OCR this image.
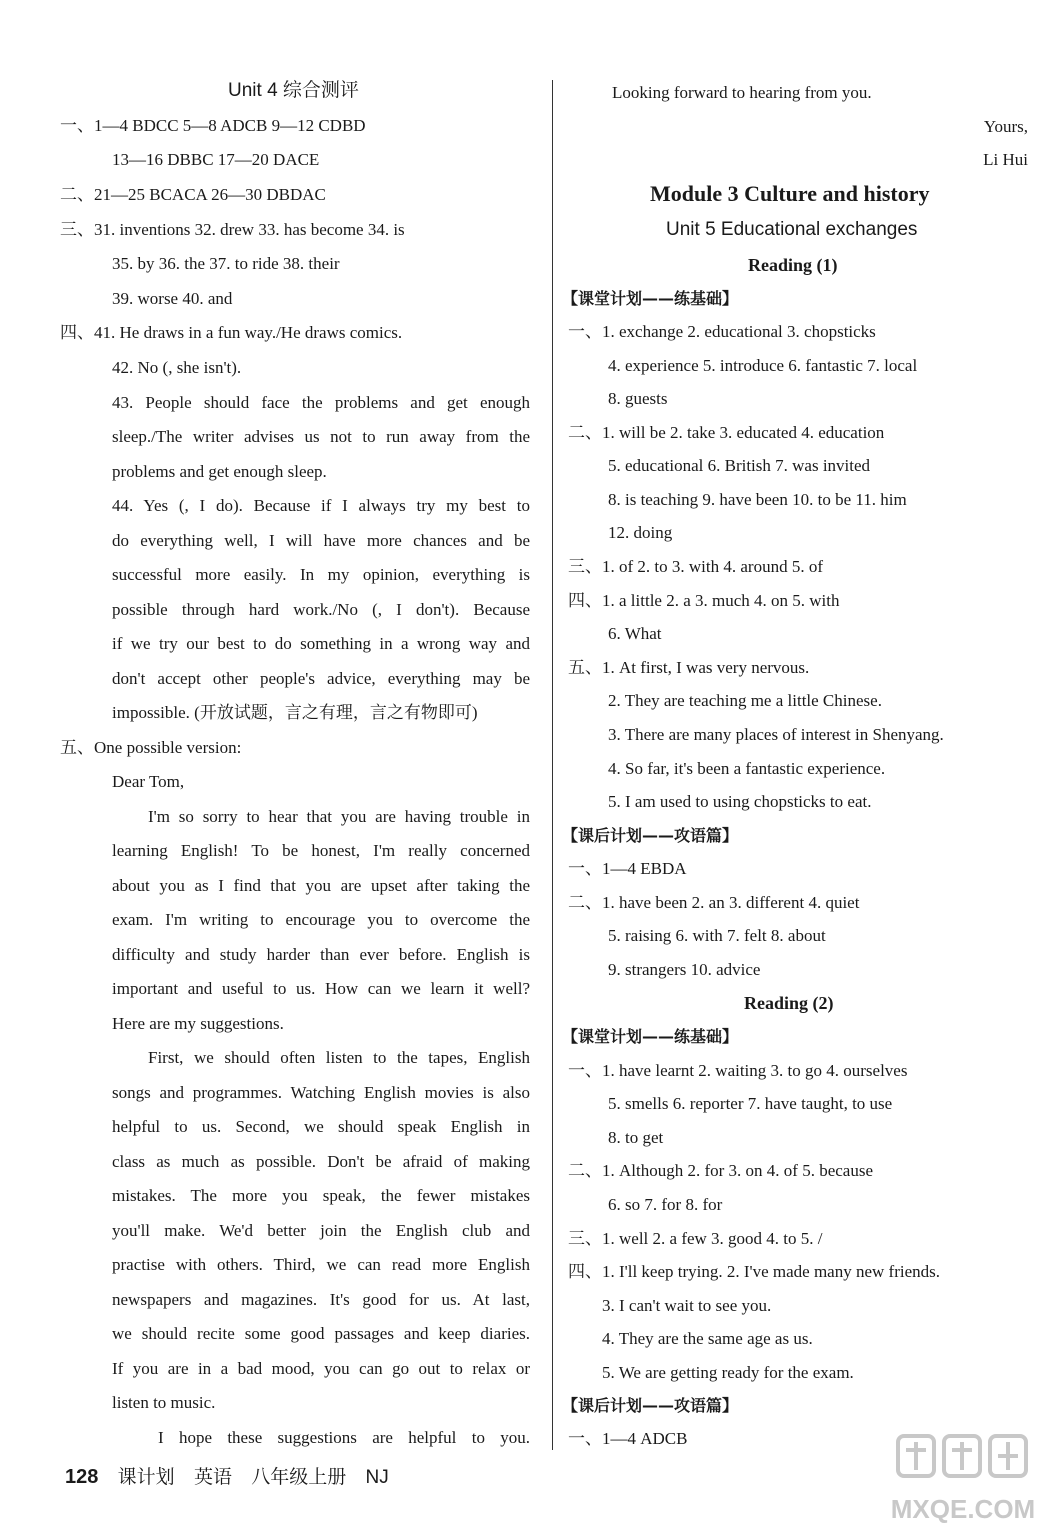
Unit 4 综合测评
一、1—4 BDCC 5—8 ADCB 9—12 CDBD
13—16 DBBC 17—20 DACE
二、21—25 BCACA 26—30 DBDAC
三、31. inventions 32. drew 33. has become 34. is
35. by 36. the 37. to ride 38. their
39. worse 40. and
四、41. He draws in a fun way./He draws comics.
42. No (, she isn't).
43. People should face the problems and get enough
sleep./The writer advises us not to run away from the
problems and get enough sleep.
44. Yes (, I do). Because if I always try my best to
do everything well, I will have more chances and be
successful more easily. In my opinion, everything is
possible through hard work./No (, I don't). Because
if we try our best to do something in a wrong way and
don't accept other people's advice, everything may be
impossible. (开放试题，言之有理，言之有物即可)
五、One possible version:
Dear Tom,
I'm so sorry to hear that you are having trouble in
learning English! To be honest, I'm really concerned
about you as I find that you are upset after taking the
exam. I'm writing to encourage you to overcome the
difficulty and study harder than ever before. English is
important and useful to us. How can we learn it well?
Here are my suggestions.
First, we should often listen to the tapes, English
songs and programmes. Watching English movies is also
helpful to us. Second, we should speak English in
class as much as possible. Don't be afraid of making
mistakes. The more you speak, the fewer mistakes
you'll make. We'd better join the English club and
practise with others. Third, we can read more English
newspapers and magazines. It's good for us. At last,
we should recite some good passages and keep diaries.
If you are in a bad mood, you can go out to relax or
listen to music.
I hope these suggestions are helpful to you.
Looking forward to hearing from you.
Yours,
Li Hui
Module 3 Culture and history
Unit 5 Educational exchanges
Reading (1)
【课堂计划——练基础】
一、1. exchange 2. educational 3. chopsticks
4. experience 5. introduce 6. fantastic 7. local
8. guests
二、1. will be 2. take 3. educated 4. education
5. educational 6. British 7. was invited
8. is teaching 9. have been 10. to be 11. him
12. doing
三、1. of 2. to 3. with 4. around 5. of
四、1. a little 2. a 3. much 4. on 5. with
6. What
五、1. At first, I was very nervous.
2. They are teaching me a little Chinese.
3. There are many places of interest in Shenyang.
4. So far, it's been a fantastic experience.
5. I am used to using chopsticks to eat.
【课后计划——攻语篇】
一、1—4 EBDA
二、1. have been 2. an 3. different 4. quiet
5. raising 6. with 7. felt 8. about
9. strangers 10. advice
Reading (2)
【课堂计划——练基础】
一、1. have learnt 2. waiting 3. to go 4. ourselves
5. smells 6. reporter 7. have taught, to use
8. to get
二、1. Although 2. for 3. on 4. of 5. because
6. so 7. for 8. for
三、1. well 2. a few 3. good 4. to 5. /
四、1. I'll keep trying. 2. I've made many new friends.
3. I can't wait to see you.
4. They are the same age as us.
5. We are getting ready for the exam.
【课后计划——攻语篇】
一、1—4 ADCB
128 课计划 英语 八年级上册 NJ
MXQE.COM
